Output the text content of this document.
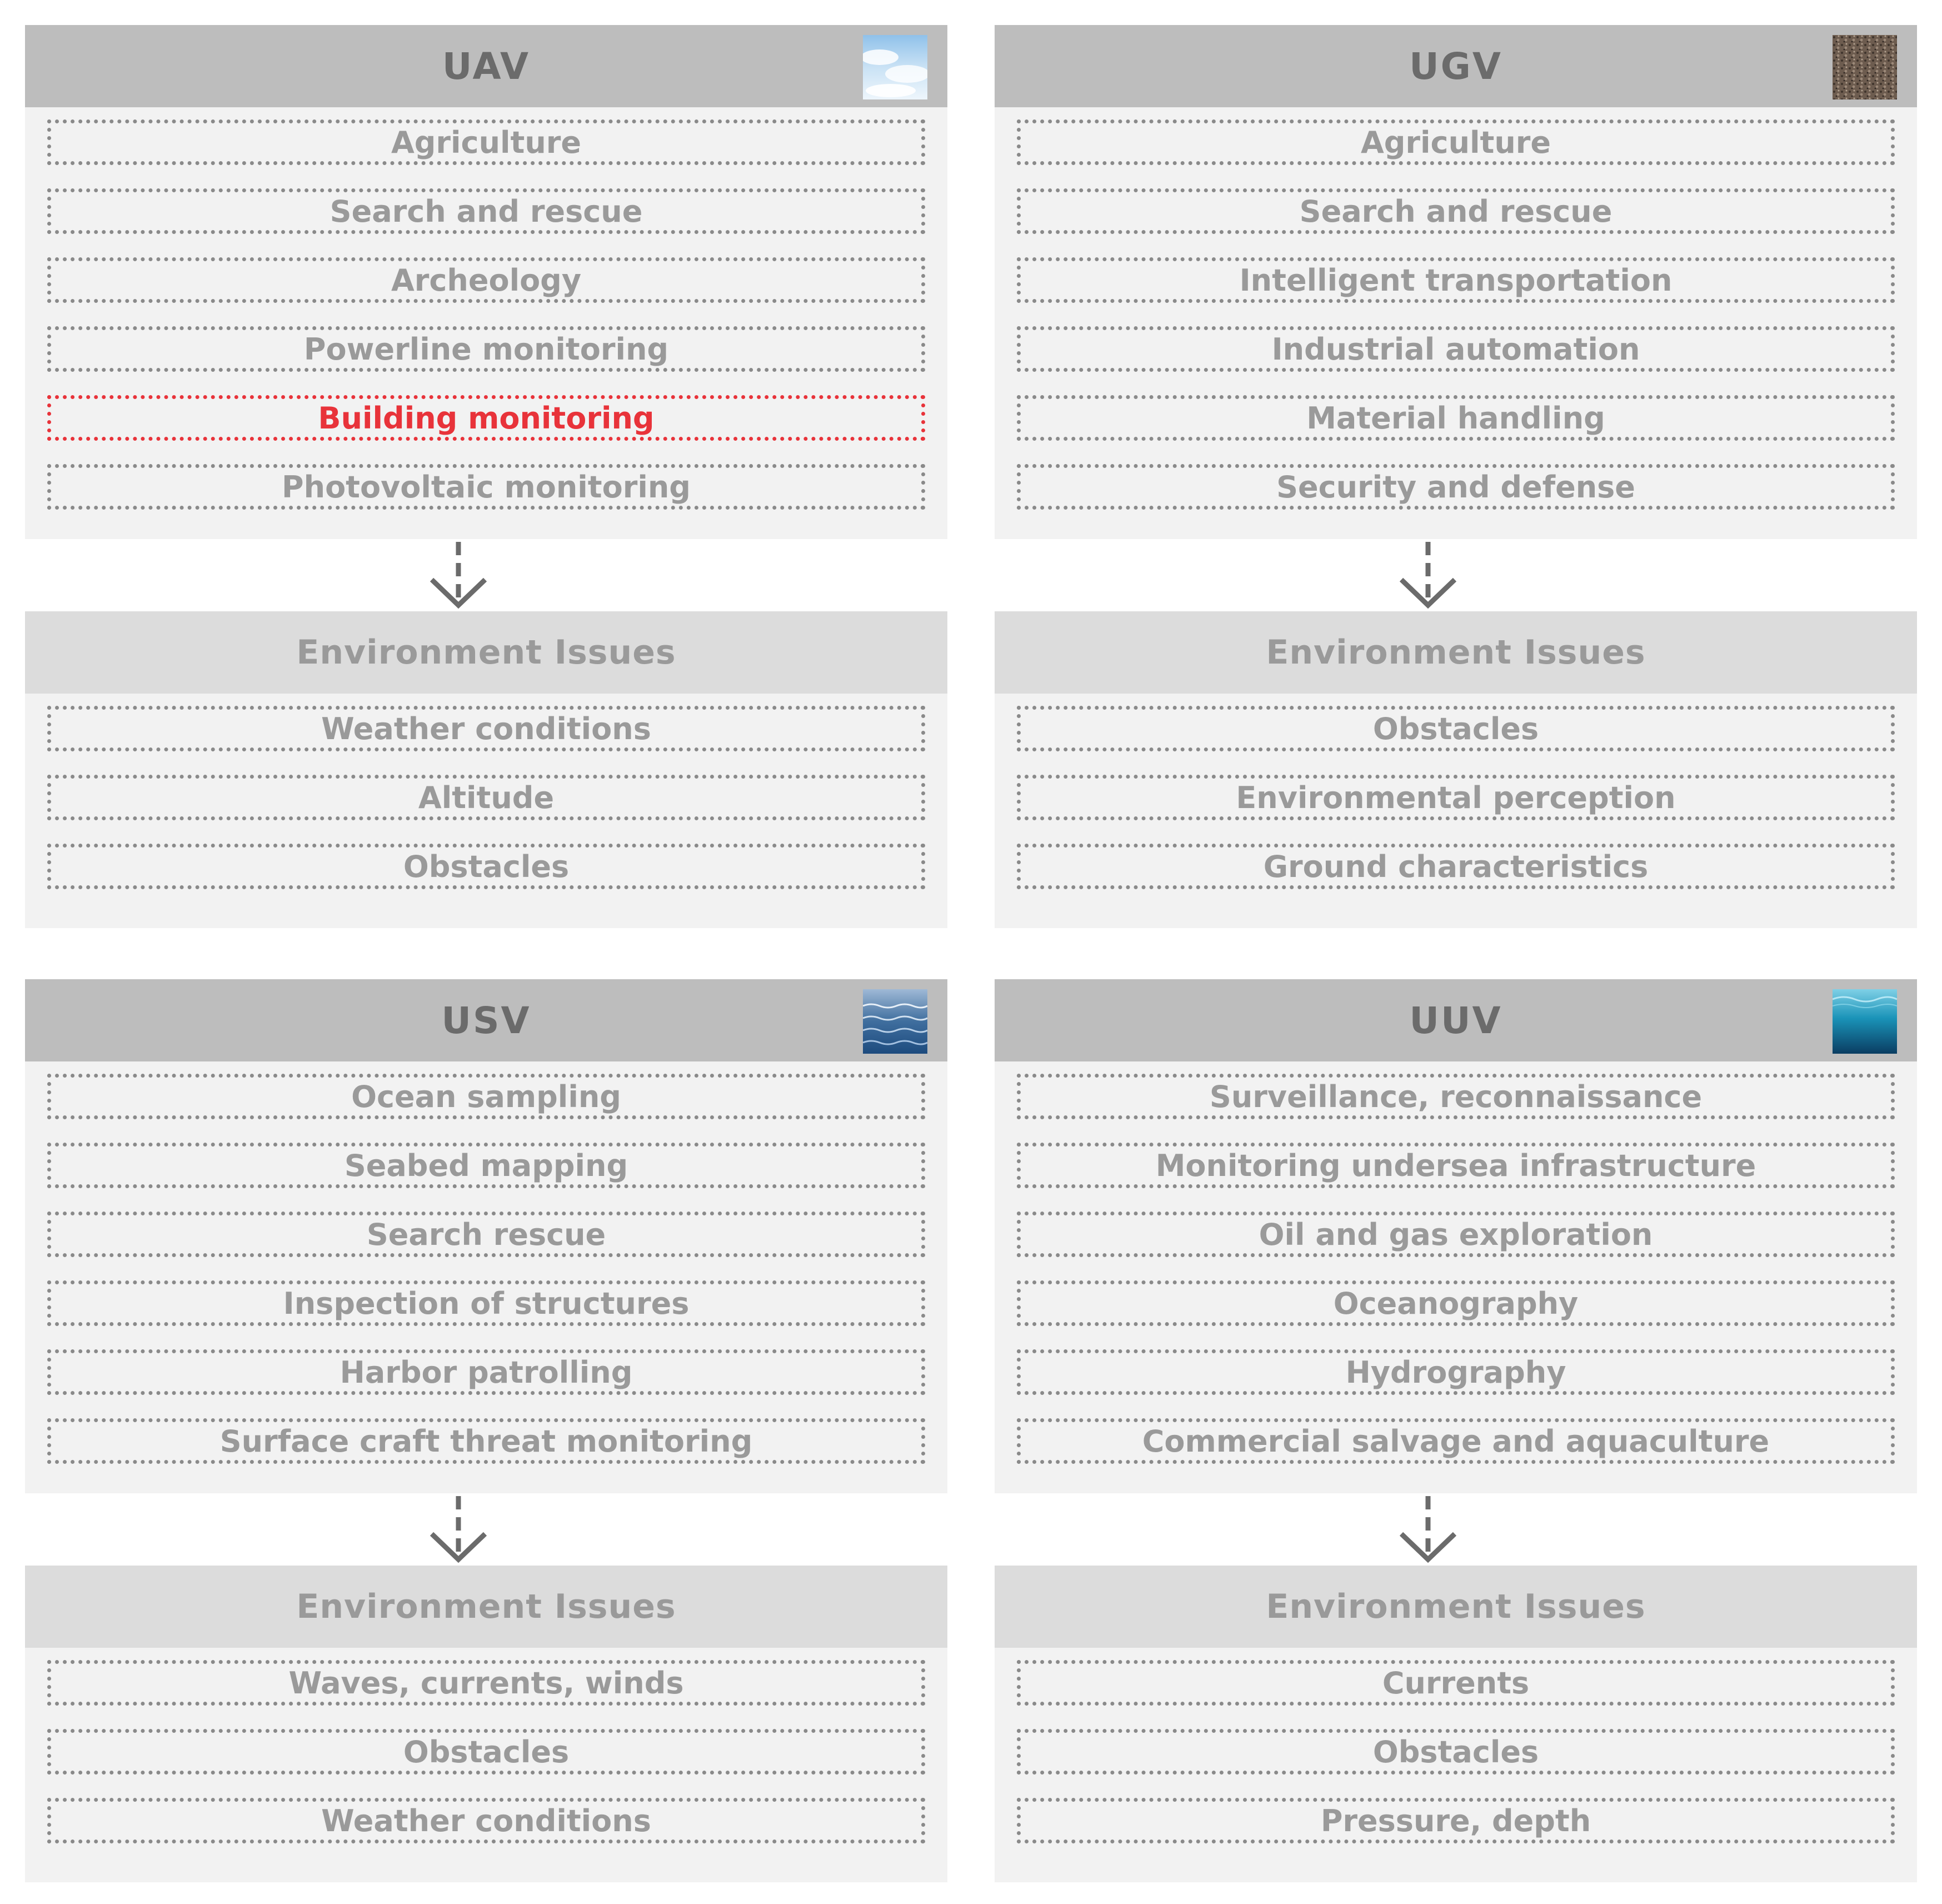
UAV
Agriculture
Search and rescue
Archeology
Powerline monitoring
Building monitoring
Photovoltaic monitoring
Environment Issues
Weather conditions
Altitude
Obstacles
UGV
Agriculture
Search and rescue
Intelligent transportation
Industrial automation
Material handling
Security and defense
Environment Issues
Obstacles
Environmental perception
Ground characteristics
USV
Ocean sampling
Seabed mapping
Search rescue
Inspection of structures
Harbor patrolling
Surface craft threat monitoring
Environment Issues
Waves, currents, winds
Obstacles
Weather conditions
UUV
Surveillance, reconnaissance
Monitoring undersea infrastructure
Oil and gas exploration
Oceanography
Hydrography
Commercial salvage and aquaculture
Environment Issues
Currents
Obstacles
Pressure, depth
